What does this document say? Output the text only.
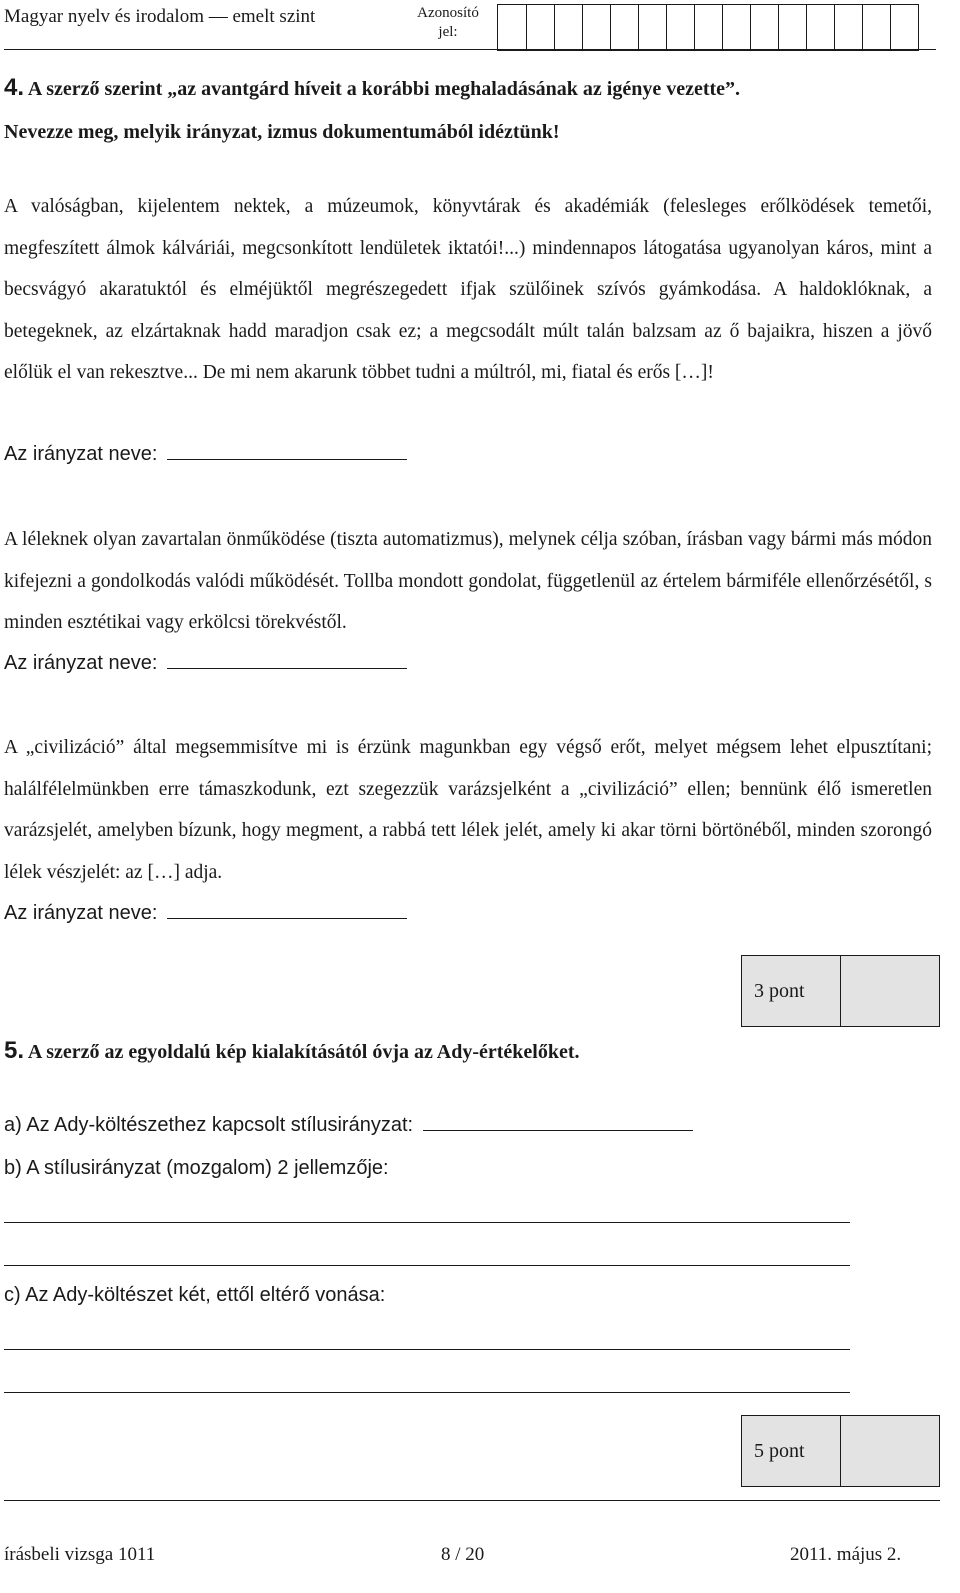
Magyar nyelv és irodalom — emelt szint	Azonosító jel:
4. A szerző szerint „az avantgárd híveit a korábbi meghaladásának az igénye vezette”.
Nevezze meg, melyik irányzat, izmus dokumentumából idéztünk!
A valóságban, kijelentem nektek, a múzeumok, könyvtárak és akadémiák (felesleges erőlködések temetői, megfeszített álmok kálváriái, megcsonkított lendületek iktatói!...) mindennapos látogatása ugyanolyan káros, mint a becsvágyó akaratuktól és elméjüktől megrészegedett ifjak szülőinek szívós gyámkodása. A haldoklóknak, a betegeknek, az elzártaknak hadd maradjon csak ez; a megcsodált múlt talán balzsam az ő bajaikra, hiszen a jövő előlük el van rekesztve... De mi nem akarunk többet tudni a múltról, mi, fiatal és erős […]!
Az irányzat neve:
A léleknek olyan zavartalan önműködése (tiszta automatizmus), melynek célja szóban, írásban vagy bármi más módon kifejezni a gondolkodás valódi működését. Tollba mondott gondolat, függetlenül az értelem bármiféle ellenőrzésétől, s minden esztétikai vagy erkölcsi törekvéstől.
Az irányzat neve:
A „civilizáció” által megsemmisítve mi is érzünk magunkban egy végső erőt, melyet mégsem lehet elpusztítani; halálfélelmünkben erre támaszkodunk, ezt szegezzük varázsjelként a „civilizáció” ellen; bennünk élő ismeretlen varázsjelét, amelyben bízunk, hogy megment, a rabbá tett lélek jelét, amely ki akar törni börtönéből, minden szorongó lélek vészjelét: az […] adja.
Az irányzat neve:
3 pont
5. A szerző az egyoldalú kép kialakításától óvja az Ady-értékelőket.
a) Az Ady-költészethez kapcsolt stílusirányzat:
b) A stílusirányzat (mozgalom) 2 jellemzője:
c) Az Ady-költészet két, ettől eltérő vonása:
5 pont
írásbeli vizsga 1011	8 / 20	2011. május 2.
